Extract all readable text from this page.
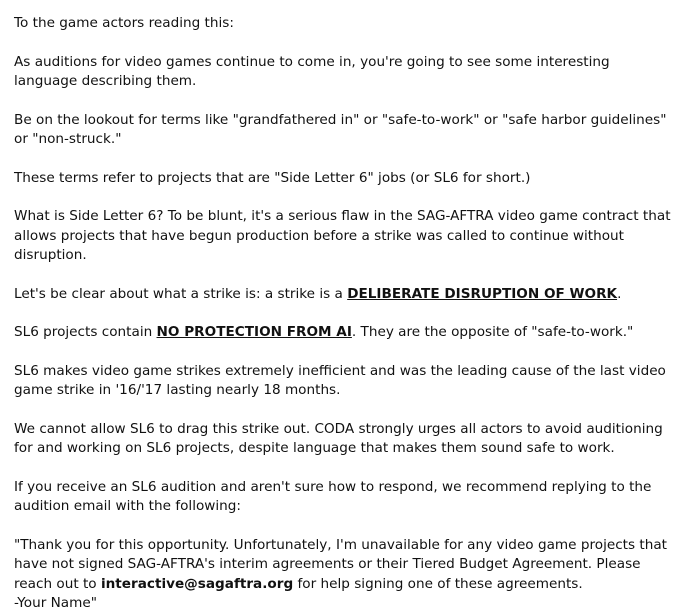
To the game actors reading this:

As auditions for video games continue to come in, you're going to see some interesting language describing them.

Be on the lookout for terms like "grandfathered in" or "safe-to-work" or "safe harbor guidelines" or "non-struck."

These terms refer to projects that are "Side Letter 6" jobs (or SL6 for short.)

What is Side Letter 6? To be blunt, it's a serious flaw in the SAG-AFTRA video game contract that allows projects that have begun production before a strike was called to continue without disruption.

Let's be clear about what a strike is: a strike is a DELIBERATE DISRUPTION OF WORK.

SL6 projects contain NO PROTECTION FROM AI. They are the opposite of "safe-to-work."

SL6 makes video game strikes extremely inefficient and was the leading cause of the last video game strike in '16/'17 lasting nearly 18 months.

We cannot allow SL6 to drag this strike out. CODA strongly urges all actors to avoid auditioning for and working on SL6 projects, despite language that makes them sound safe to work.

If you receive an SL6 audition and aren't sure how to respond, we recommend replying to the audition email with the following:

"Thank you for this opportunity. Unfortunately, I'm unavailable for any video game projects that have not signed SAG-AFTRA's interim agreements or their Tiered Budget Agreement. Please reach out to interactive@sagaftra.org for help signing one of these agreements.
-Your Name"
